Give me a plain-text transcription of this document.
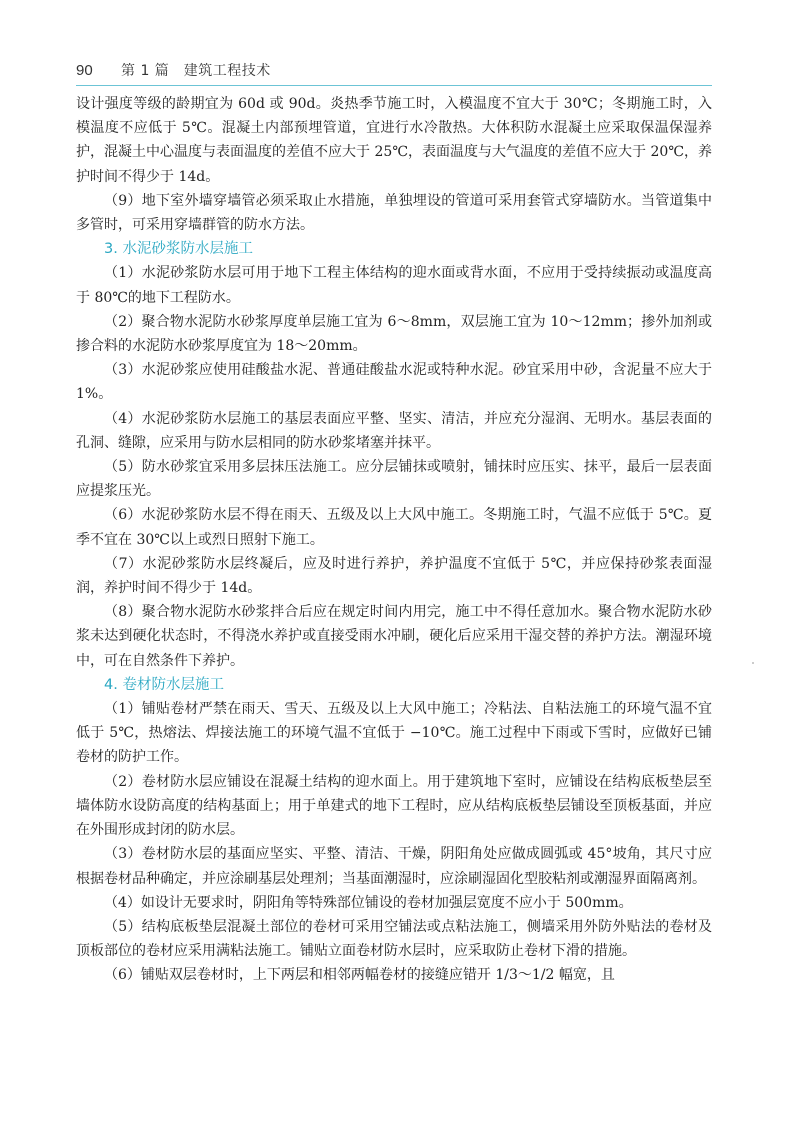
90 第 1 篇　建筑工程技术

设计强度等级的龄期宜为 60d 或 90d。炎热季节施工时，入模温度不宜大于 30℃；冬期施工时，入模温度不应低于 5℃。混凝土内部预埋管道，宜进行水冷散热。大体积防水混凝土应采取保温保湿养护，混凝土中心温度与表面温度的差值不应大于 25℃，表面温度与大气温度的差值不应大于 20℃，养护时间不得少于 14d。

（9）地下室外墙穿墙管必须采取止水措施，单独埋设的管道可采用套管式穿墙防水。当管道集中多管时，可采用穿墙群管的防水方法。

3. 水泥砂浆防水层施工

（1）水泥砂浆防水层可用于地下工程主体结构的迎水面或背水面，不应用于受持续振动或温度高于 80℃的地下工程防水。

（2）聚合物水泥防水砂浆厚度单层施工宜为 6～8mm，双层施工宜为 10～12mm；掺外加剂或掺合料的水泥防水砂浆厚度宜为 18～20mm。

（3）水泥砂浆应使用硅酸盐水泥、普通硅酸盐水泥或特种水泥。砂宜采用中砂，含泥量不应大于 1%。

（4）水泥砂浆防水层施工的基层表面应平整、坚实、清洁，并应充分湿润、无明水。基层表面的孔洞、缝隙，应采用与防水层相同的防水砂浆堵塞并抹平。

（5）防水砂浆宜采用多层抹压法施工。应分层铺抹或喷射，铺抹时应压实、抹平，最后一层表面应提浆压光。

（6）水泥砂浆防水层不得在雨天、五级及以上大风中施工。冬期施工时，气温不应低于 5℃。夏季不宜在 30℃以上或烈日照射下施工。

（7）水泥砂浆防水层终凝后，应及时进行养护，养护温度不宜低于 5℃，并应保持砂浆表面湿润，养护时间不得少于 14d。

（8）聚合物水泥防水砂浆拌合后应在规定时间内用完，施工中不得任意加水。聚合物水泥防水砂浆未达到硬化状态时，不得浇水养护或直接受雨水冲刷，硬化后应采用干湿交替的养护方法。潮湿环境中，可在自然条件下养护。

4. 卷材防水层施工

（1）铺贴卷材严禁在雨天、雪天、五级及以上大风中施工；冷粘法、自粘法施工的环境气温不宜低于 5℃，热熔法、焊接法施工的环境气温不宜低于 −10℃。施工过程中下雨或下雪时，应做好已铺卷材的防护工作。

（2）卷材防水层应铺设在混凝土结构的迎水面上。用于建筑地下室时，应铺设在结构底板垫层至墙体防水设防高度的结构基面上；用于单建式的地下工程时，应从结构底板垫层铺设至顶板基面，并应在外围形成封闭的防水层。

（3）卷材防水层的基面应坚实、平整、清洁、干燥，阴阳角处应做成圆弧或 45°坡角，其尺寸应根据卷材品种确定，并应涂刷基层处理剂；当基面潮湿时，应涂刷湿固化型胶粘剂或潮湿界面隔离剂。

（4）如设计无要求时，阴阳角等特殊部位铺设的卷材加强层宽度不应小于 500mm。

（5）结构底板垫层混凝土部位的卷材可采用空铺法或点粘法施工，侧墙采用外防外贴法的卷材及顶板部位的卷材应采用满粘法施工。铺贴立面卷材防水层时，应采取防止卷材下滑的措施。

（6）铺贴双层卷材时，上下两层和相邻两幅卷材的接缝应错开 1/3～1/2 幅宽，且
